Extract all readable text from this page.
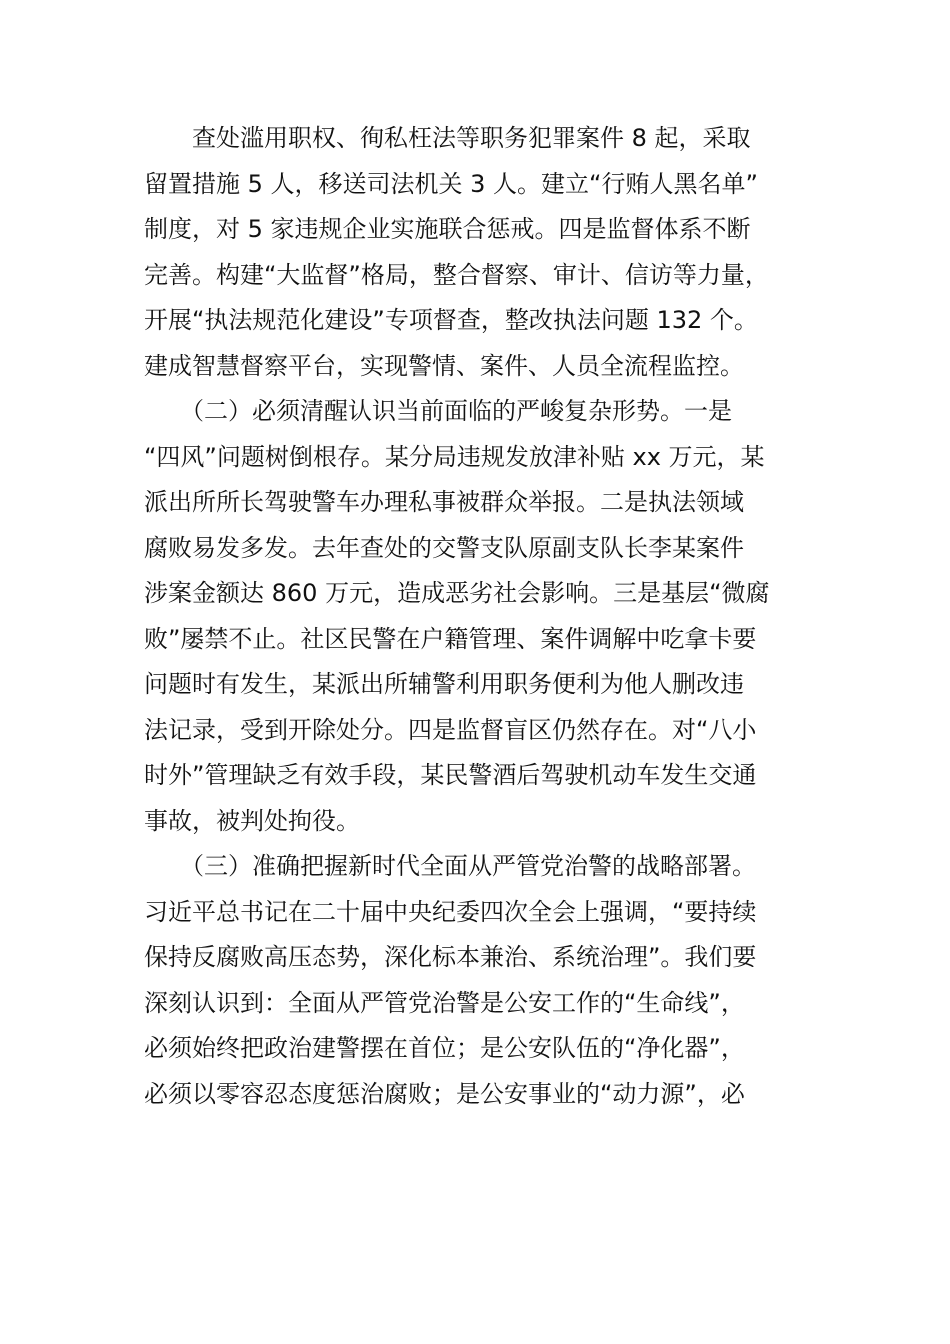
　　查处滥用职权、徇私枉法等职务犯罪案件 8 起，采取
留置措施 5 人，移送司法机关 3 人。建立“行贿人黑名单”
制度，对 5 家违规企业实施联合惩戒。四是监督体系不断
完善。构建“大监督”格局，整合督察、审计、信访等力量，
开展“执法规范化建设”专项督查，整改执法问题 132 个。
建成智慧督察平台，实现警情、案件、人员全流程监控。
　　（二）必须清醒认识当前面临的严峻复杂形势。一是
“四风”问题树倒根存。某分局违规发放津补贴 xx 万元，某
派出所所长驾驶警车办理私事被群众举报。二是执法领域
腐败易发多发。去年查处的交警支队原副支队长李某案件
涉案金额达 860 万元，造成恶劣社会影响。三是基层“微腐
败”屡禁不止。社区民警在户籍管理、案件调解中吃拿卡要
问题时有发生，某派出所辅警利用职务便利为他人删改违
法记录，受到开除处分。四是监督盲区仍然存在。对“八小
时外”管理缺乏有效手段，某民警酒后驾驶机动车发生交通
事故，被判处拘役。
　　（三）准确把握新时代全面从严管党治警的战略部署。
习近平总书记在二十届中央纪委四次全会上强调，“要持续
保持反腐败高压态势，深化标本兼治、系统治理”。我们要
深刻认识到：全面从严管党治警是公安工作的“生命线”，
必须始终把政治建警摆在首位；是公安队伍的“净化器”，
必须以零容忍态度惩治腐败；是公安事业的“动力源”，必
